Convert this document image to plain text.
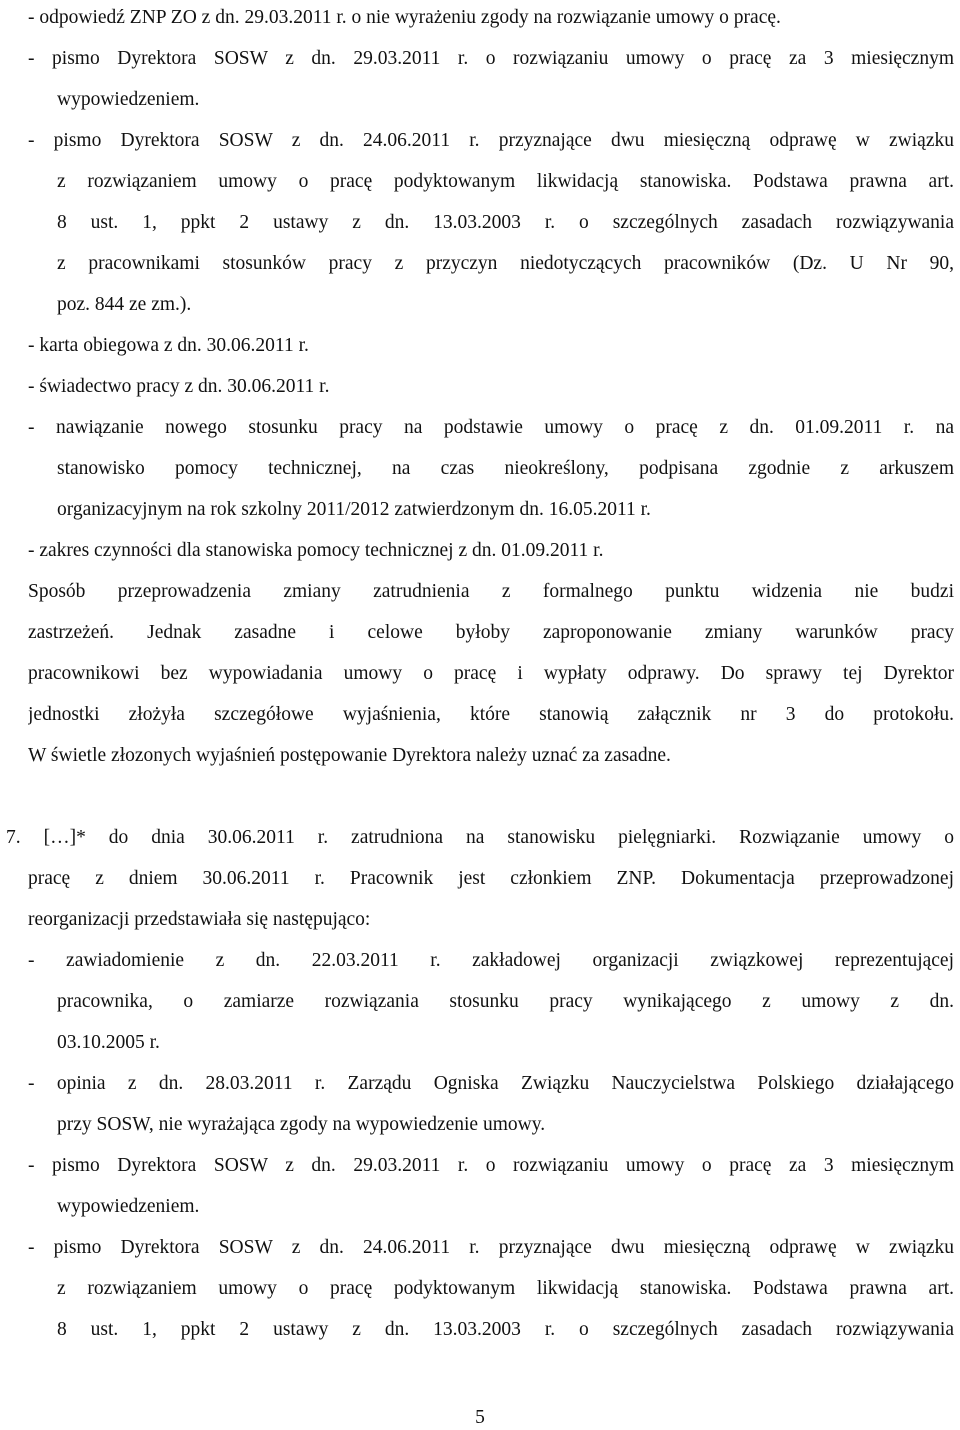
- odpowiedź ZNP ZO z dn. 29.03.2011 r. o nie wyrażeniu zgody na rozwiązanie umowy o pracę.
- pismo Dyrektora SOSW z dn. 29.03.2011 r. o rozwiązaniu umowy o pracę za 3 miesięcznym
wypowiedzeniem.
- pismo Dyrektora SOSW z dn. 24.06.2011 r. przyznające dwu miesięczną odprawę w związku
z rozwiązaniem umowy o pracę podyktowanym likwidacją stanowiska. Podstawa prawna art.
8 ust. 1, ppkt 2 ustawy z dn. 13.03.2003 r. o szczególnych zasadach rozwiązywania
z pracownikami stosunków pracy z przyczyn niedotyczących pracowników (Dz. U Nr 90,
poz. 844 ze zm.).
- karta obiegowa z dn. 30.06.2011 r.
- świadectwo pracy z dn. 30.06.2011 r.
- nawiązanie nowego stosunku pracy na podstawie umowy o pracę z dn. 01.09.2011 r. na
stanowisko pomocy technicznej, na czas nieokreślony, podpisana zgodnie z arkuszem
organizacyjnym na rok szkolny 2011/2012 zatwierdzonym dn. 16.05.2011 r.
- zakres czynności dla stanowiska pomocy technicznej z dn. 01.09.2011 r.
Sposób przeprowadzenia zmiany zatrudnienia z formalnego punktu widzenia nie budzi
zastrzeżeń. Jednak zasadne i celowe byłoby zaproponowanie zmiany warunków pracy
pracownikowi bez wypowiadania umowy o pracę i wypłaty odprawy. Do sprawy tej Dyrektor
jednostki złożyła szczegółowe wyjaśnienia, które stanowią załącznik nr 3 do protokołu.
W świetle złozonych wyjaśnień postępowanie Dyrektora należy uznać za zasadne.
7. […]* do dnia 30.06.2011 r. zatrudniona na stanowisku pielęgniarki. Rozwiązanie umowy o
pracę z dniem 30.06.2011 r. Pracownik jest członkiem ZNP. Dokumentacja przeprowadzonej
reorganizacji przedstawiała się następująco:
- zawiadomienie z dn. 22.03.2011 r. zakładowej organizacji związkowej reprezentującej
pracownika, o zamiarze rozwiązania stosunku pracy wynikającego z umowy z dn.
03.10.2005 r.
- opinia z dn. 28.03.2011 r. Zarządu Ogniska Związku Nauczycielstwa Polskiego działającego
przy SOSW, nie wyrażająca zgody na wypowiedzenie umowy.
- pismo Dyrektora SOSW z dn. 29.03.2011 r. o rozwiązaniu umowy o pracę za 3 miesięcznym
wypowiedzeniem.
- pismo Dyrektora SOSW z dn. 24.06.2011 r. przyznające dwu miesięczną odprawę w związku
z rozwiązaniem umowy o pracę podyktowanym likwidacją stanowiska. Podstawa prawna art.
8 ust. 1, ppkt 2 ustawy z dn. 13.03.2003 r. o szczególnych zasadach rozwiązywania
5
